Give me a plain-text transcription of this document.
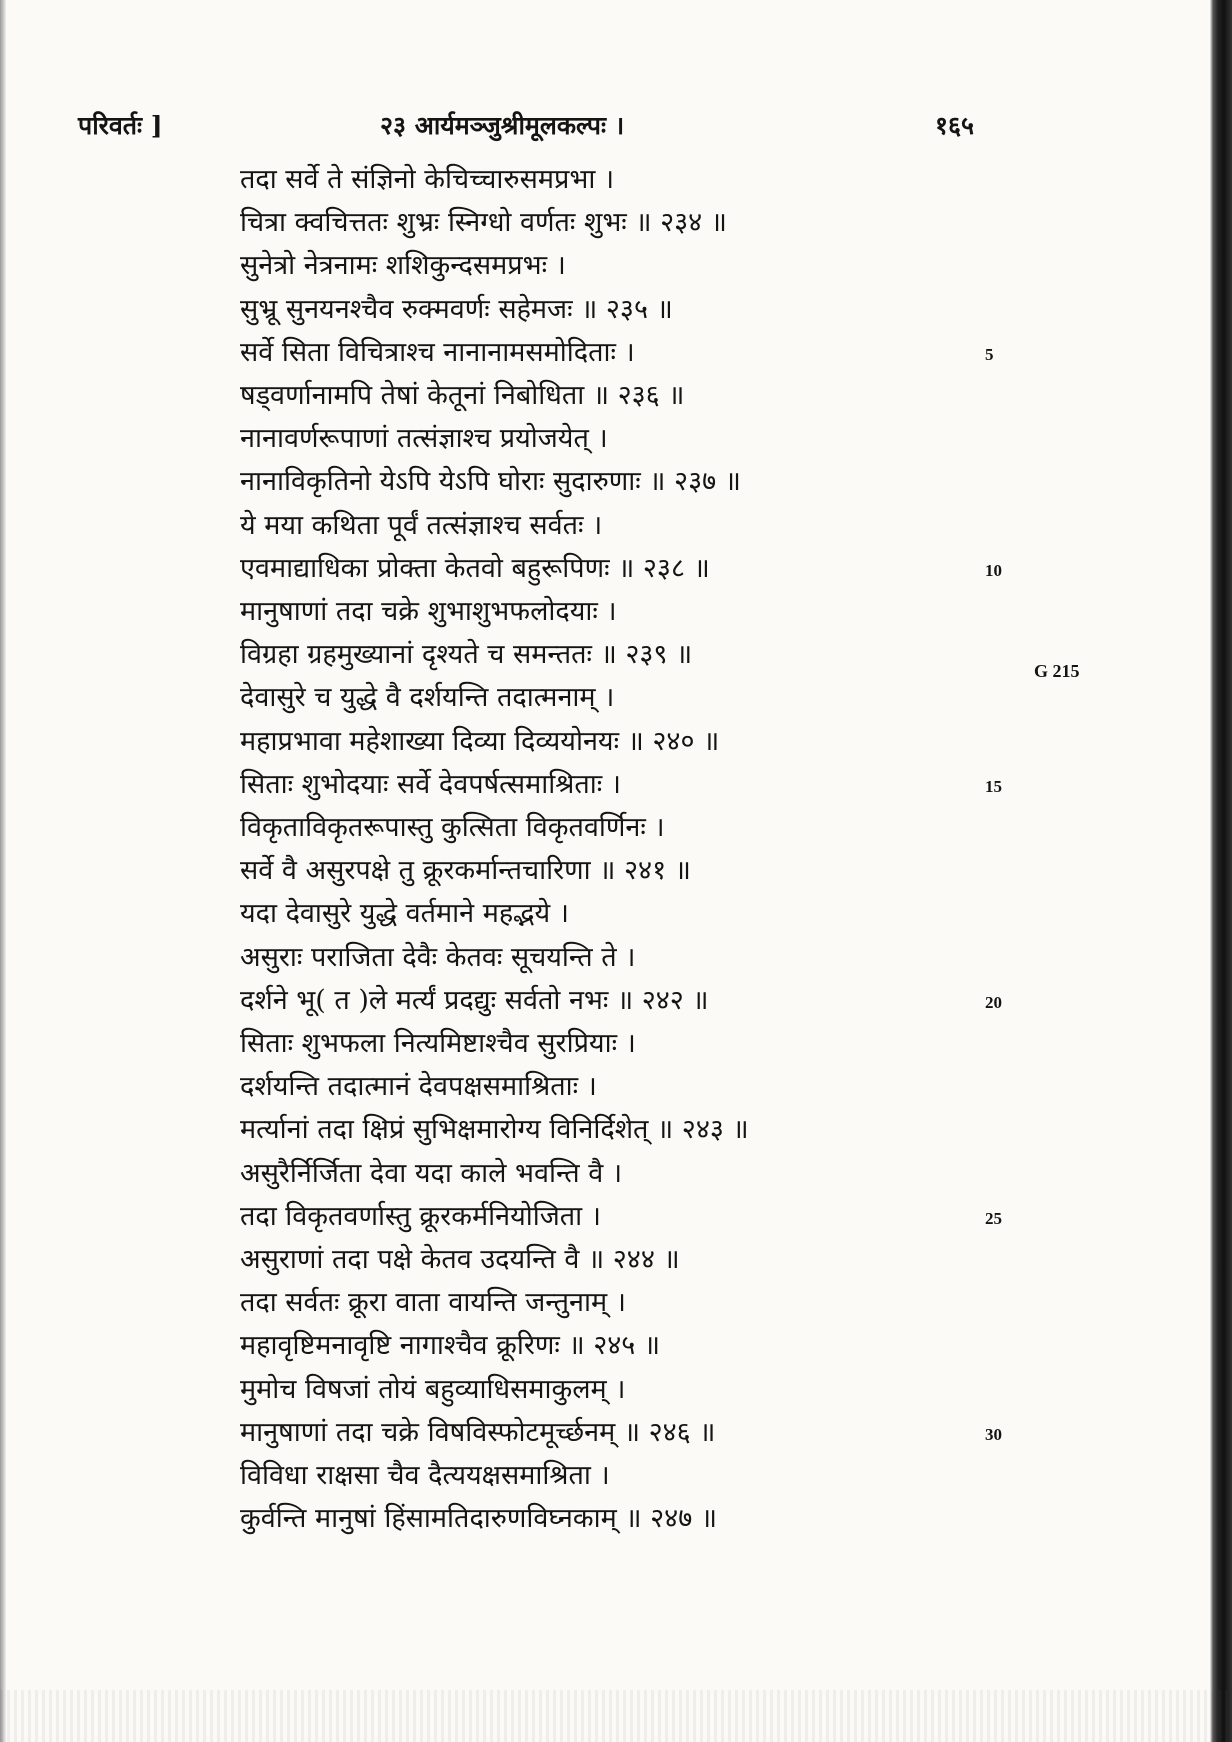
परिवर्तः ]	२३ आर्यमञ्जुश्रीमूलकल्पः ।	१६५
तदा सर्वे ते संज्ञिनो केचिच्चारुसमप्रभा ।
चित्रा क्वचित्ततः शुभ्रः स्निग्धो वर्णतः शुभः ॥ २३४ ॥
सुनेत्रो नेत्रनामः शशिकुन्दसमप्रभः ।
सुभ्रू सुनयनश्चैव रुक्मवर्णः सहेमजः ॥ २३५ ॥
सर्वे सिता विचित्राश्च नानानामसमोदिताः ।
षड्वर्णानामपि तेषां केतूनां निबोधिता ॥ २३६ ॥
नानावर्णरूपाणां तत्संज्ञाश्च प्रयोजयेत् ।
नानाविकृतिनो येऽपि येऽपि घोराः सुदारुणाः ॥ २३७ ॥
ये मया कथिता पूर्वं तत्संज्ञाश्च सर्वतः ।
एवमाद्याधिका प्रोक्ता केतवो बहुरूपिणः ॥ २३८ ॥
मानुषाणां तदा चक्रे शुभाशुभफलोदयाः ।
विग्रहा ग्रहमुख्यानां दृश्यते च समन्ततः ॥ २३९ ॥
देवासुरे च युद्धे वै दर्शयन्ति तदात्मनाम् ।
महाप्रभावा महेशाख्या दिव्या दिव्ययोनयः ॥ २४० ॥
सिताः शुभोदयाः सर्वे देवपर्षत्समाश्रिताः ।
विकृताविकृतरूपास्तु कुत्सिता विकृतवर्णिनः ।
सर्वे वै असुरपक्षे तु क्रूरकर्मान्तचारिणा ॥ २४१ ॥
यदा देवासुरे युद्धे वर्तमाने महद्भये ।
असुराः पराजिता देवैः केतवः सूचयन्ति ते ।
दर्शने भू( त )ले मर्त्यं प्रदद्युः सर्वतो नभः ॥ २४२ ॥
सिताः शुभफला नित्यमिष्टाश्चैव सुरप्रियाः ।
दर्शयन्ति तदात्मानं देवपक्षसमाश्रिताः ।
मर्त्यानां तदा क्षिप्रं सुभिक्षमारोग्य विनिर्दिशेत् ॥ २४३ ॥
असुरैर्निर्जिता देवा यदा काले भवन्ति वै ।
तदा विकृतवर्णास्तु क्रूरकर्मनियोजिता ।
असुराणां तदा पक्षे केतव उदयन्ति वै ॥ २४४ ॥
तदा सर्वतः क्रूरा वाता वायन्ति जन्तुनाम् ।
महावृष्टिमनावृष्टि नागाश्चैव क्रूरिणः ॥ २४५ ॥
मुमोच विषजां तोयं बहुव्याधिसमाकुलम् ।
मानुषाणां तदा चक्रे विषविस्फोटमूर्च्छनम् ॥ २४६ ॥
विविधा राक्षसा चैव दैत्ययक्षसमाश्रिता ।
कुर्वन्ति मानुषां हिंसामतिदारुणविघ्नकाम् ॥ २४७ ॥
5
10
15
20
25
30
G 215
